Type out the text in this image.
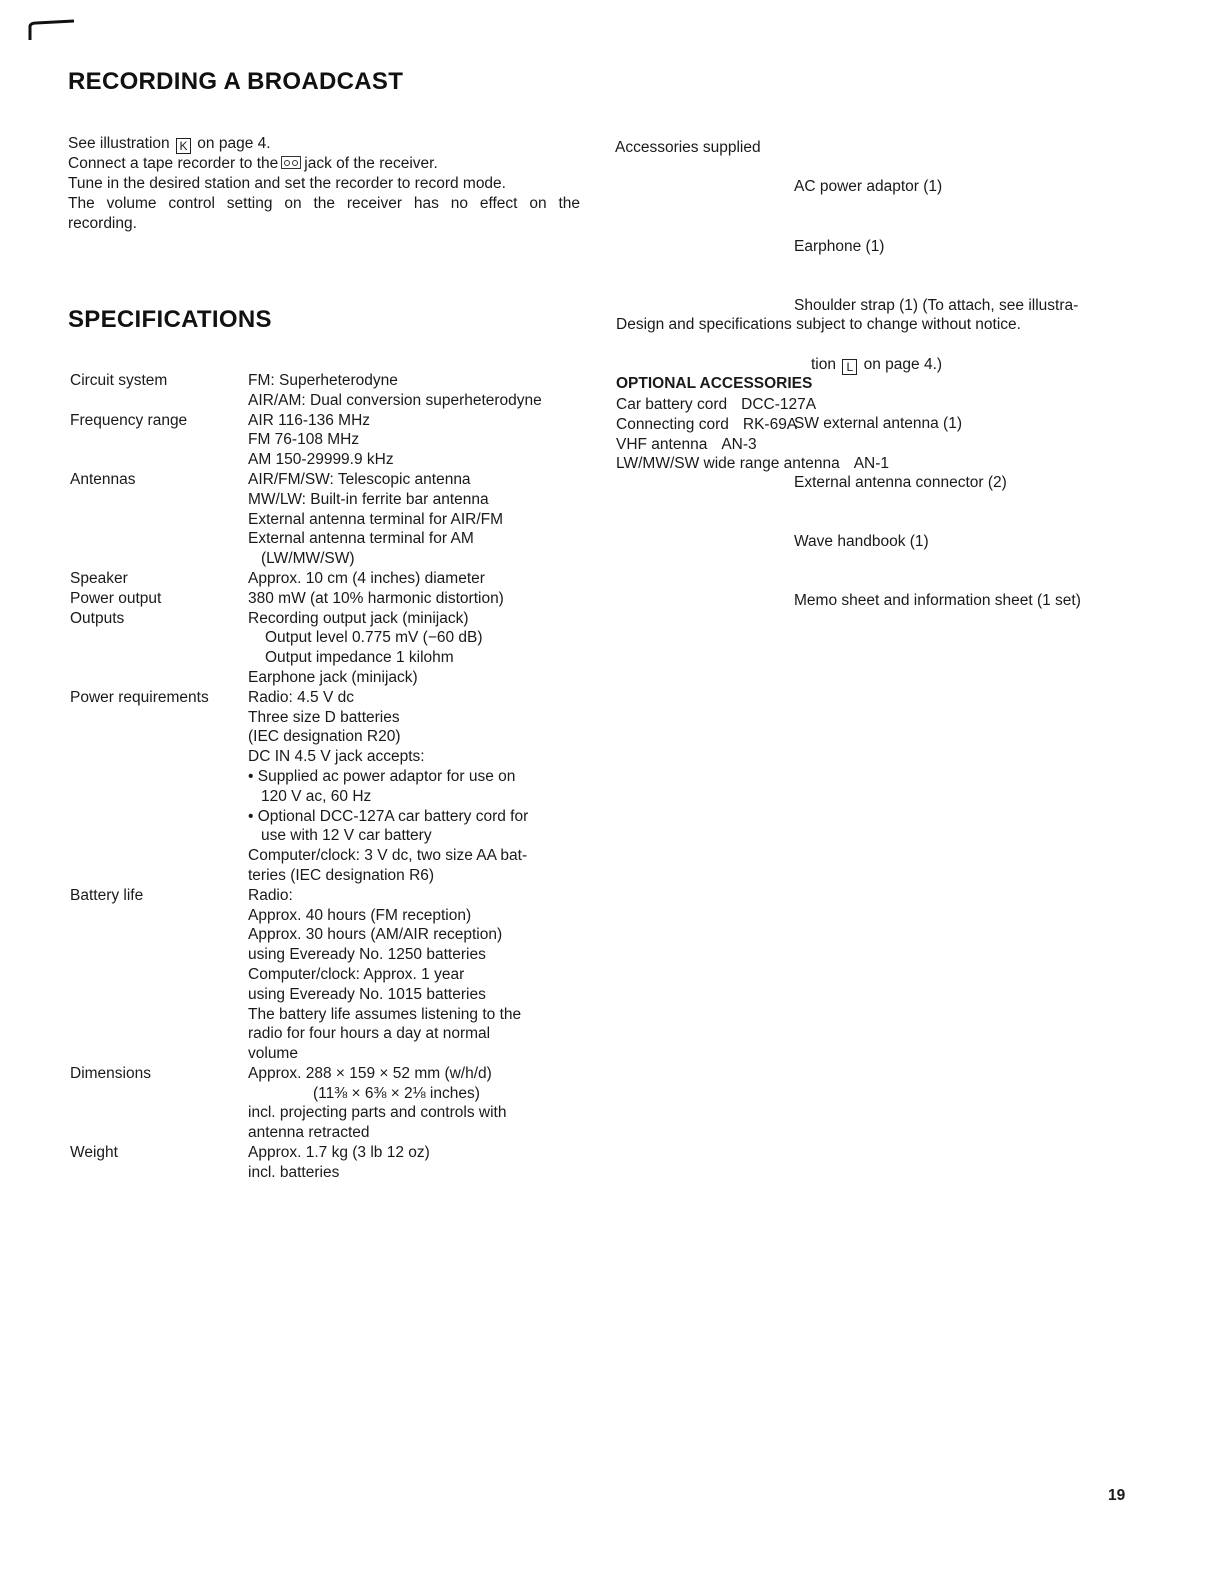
RECORDING A BROADCAST
See illustration K on page 4.
Connect a tape recorder to the jack of the receiver.
Tune in the desired station and set the recorder to record mode.
The volume control setting on the receiver has no effect on the
recording.
SPECIFICATIONS
Circuit system	FM: Superheterodyne
AIR/AM: Dual conversion superheterodyne
Frequency range	AIR 116-136 MHz
FM 76-108 MHz
AM 150-29999.9 kHz
Antennas	AIR/FM/SW: Telescopic antenna
MW/LW: Built-in ferrite bar antenna
External antenna terminal for AIR/FM
External antenna terminal for AM
(LW/MW/SW)
Speaker	Approx. 10 cm (4 inches) diameter
Power output	380 mW (at 10% harmonic distortion)
Outputs	Recording output jack (minijack)
Output level 0.775 mV (−60 dB)
Output impedance 1 kilohm
Earphone jack (minijack)
Power requirements	Radio: 4.5 V dc
Three size D batteries
(IEC designation R20)
DC IN 4.5 V jack accepts:
• Supplied ac power adaptor for use on
120 V ac, 60 Hz
• Optional DCC-127A car battery cord for
use with 12 V car battery
Computer/clock: 3 V dc, two size AA bat-
teries (IEC designation R6)
Battery life	Radio:
Approx. 40 hours (FM reception)
Approx. 30 hours (AM/AIR reception)
using Eveready No. 1250 batteries
Computer/clock: Approx. 1 year
using Eveready No. 1015 batteries
The battery life assumes listening to the
radio for four hours a day at normal
volume
Dimensions	Approx. 288 × 159 × 52 mm (w/h/d)
(11⅜ × 6⅜ × 2⅛ inches)
incl. projecting parts and controls with
antenna retracted
Weight	Approx. 1.7 kg (3 lb 12 oz)
incl. batteries
Accessories supplied

AC power adaptor (1)

Earphone (1)

Shoulder strap (1) (To attach, see illustra-

tion L on page 4.)

SW external antenna (1)

External antenna connector (2)

Wave handbook (1)

Memo sheet and information sheet (1 set)

Design and specifications subject to change without notice.
OPTIONAL ACCESSORIES
Car battery cord DCC-127A
Connecting cord RK-69A
VHF antenna AN-3
LW/MW/SW wide range antenna AN-1
19
